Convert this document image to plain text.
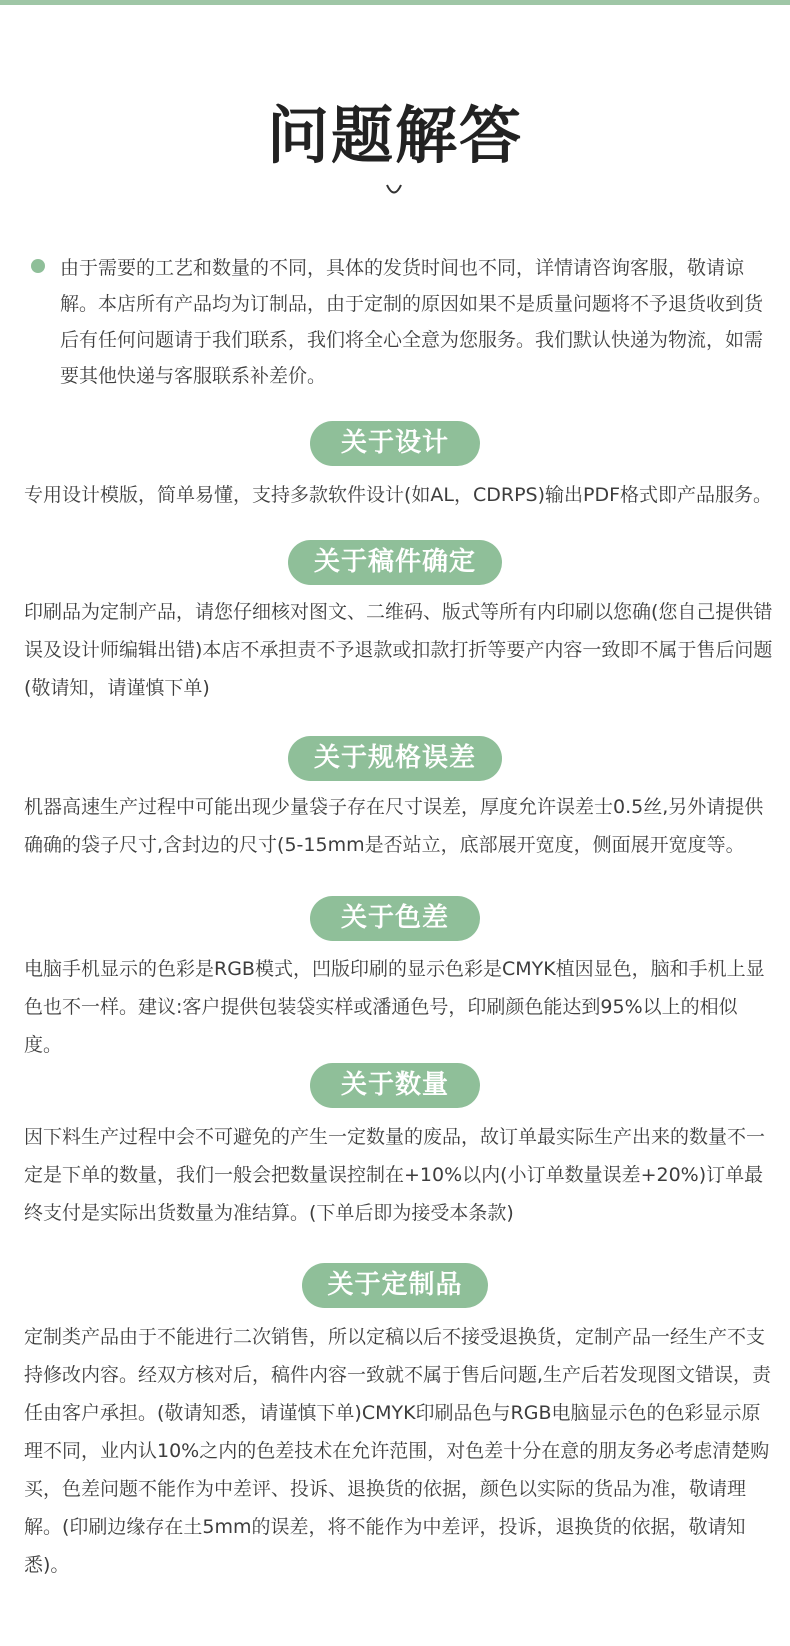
问题解答
由于需要的工艺和数量的不同，具体的发货时间也不同，详情请咨询客服，敬请谅解。本店所有产品均为订制品，由于定制的原因如果不是质量问题将不予退货收到货后有任何问题请于我们联系，我们将全心全意为您服务。我们默认快递为物流，如需要其他快递与客服联系补差价。
关于设计
专用设计模版，简单易懂，支持多款软件设计(如AL，CDRPS)输出PDF格式即产品服务。
关于稿件确定
印刷品为定制产品，请您仔细核对图文、二维码、版式等所有内印刷以您确(您自己提供错误及设计师编辑出错)本店不承担责不予退款或扣款打折等要产内容一致即不属于售后问题(敬请知，请谨慎下单)
关于规格误差
机器高速生产过程中可能出现少量袋子存在尺寸误差，厚度允许误差士0.5丝,另外请提供确确的袋子尺寸,含封边的尺寸(5-15mm是否站立，底部展开宽度，侧面展开宽度等。
关于色差
电脑手机显示的色彩是RGB模式，凹版印刷的显示色彩是CMYK植因显色，脑和手机上显色也不一样。建议:客户提供包装袋实样或潘通色号，印刷颜色能达到95%以上的相似度。
关于数量
因下料生产过程中会不可避免的产生一定数量的废品，故订单最实际生产出来的数量不一定是下单的数量，我们一般会把数量误控制在+10%以内(小订单数量误差+20%)订单最终支付是实际出货数量为准结算。(下单后即为接受本条款)
关于定制品
定制类产品由于不能进行二次销售，所以定稿以后不接受退换货，定制产品一经生产不支持修改内容。经双方核对后，稿件内容一致就不属于售后问题,生产后若发现图文错误，责任由客户承担。(敬请知悉，请谨慎下单)CMYK印刷品色与RGB电脑显示色的色彩显示原理不同，业内认10%之内的色差技术在允许范围，对色差十分在意的朋友务必考虑清楚购买，色差问题不能作为中差评、投诉、退换货的依据，颜色以实际的货品为准，敬请理解。(印刷边缘存在土5mm的误差，将不能作为中差评，投诉，退换货的依据，敬请知悉)。
